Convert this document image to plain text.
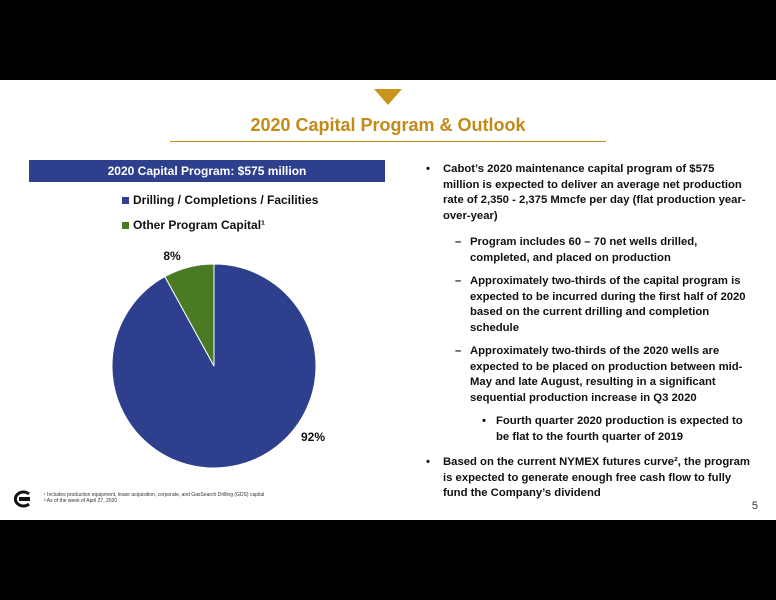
2020 Capital Program & Outlook
2020 Capital Program: $575 million
Drilling / Completions / Facilities
Other Program Capital¹
92%
8%
• Cabot’s 2020 maintenance capital program of $575 million is expected to deliver an average net production rate of 2,350 - 2,375 Mmcfe per day (flat production year-over-year)
– Program includes 60 – 70 net wells drilled, completed, and placed on production
– Approximately two-thirds of the capital program is expected to be incurred during the first half of 2020 based on the current drilling and completion schedule
– Approximately two-thirds of the 2020 wells are expected to be placed on production between mid-May and late August, resulting in a significant sequential production increase in Q3 2020
• Fourth quarter 2020 production is expected to be flat to the fourth quarter of 2019
• Based on the current NYMEX futures curve², the program is expected to generate enough free cash flow to fully fund the Company’s dividend
¹ Includes production equipment, lease acquisition, corporate, and GasSearch Drilling (GDS) capital
² As of the week of April 27, 2020	5
